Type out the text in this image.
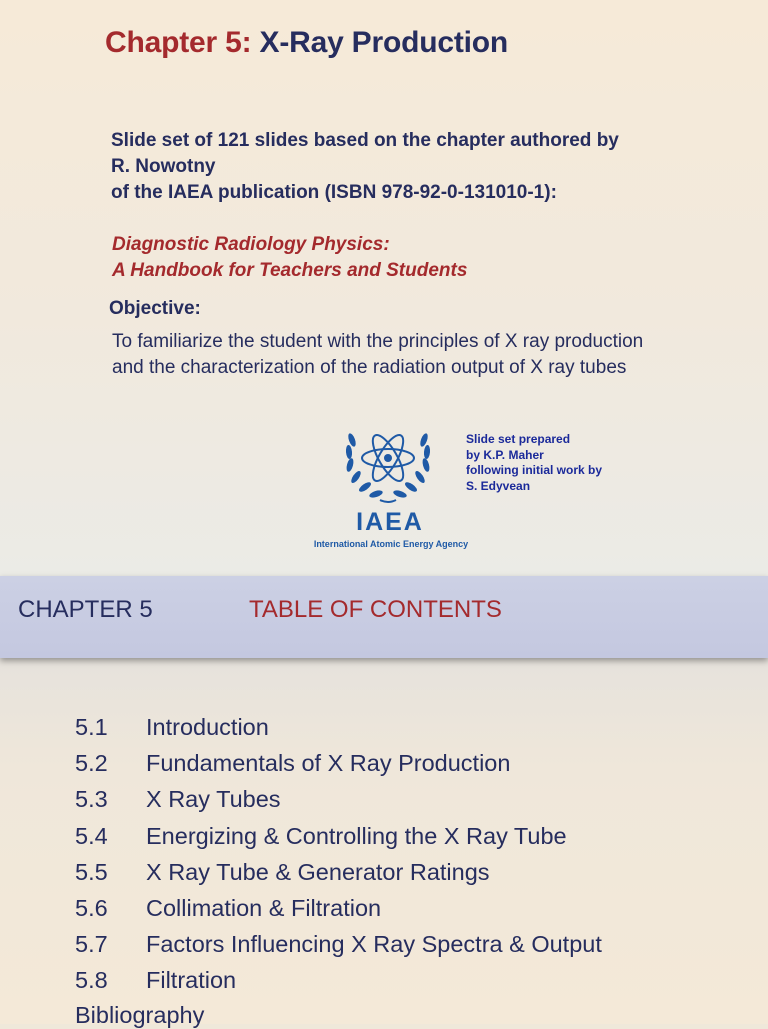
Chapter 5: X-Ray Production
Slide set of 121 slides based on the chapter authored by
R. Nowotny
of the IAEA publication (ISBN 978-92-0-131010-1):
Diagnostic Radiology Physics:
A Handbook for Teachers and Students
Objective:
To familiarize the student with the principles of X ray production
and the characterization of the radiation output of X ray tubes
IAEA
International Atomic Energy Agency
Slide set prepared
by K.P. Maher
following initial work by
S. Edyvean
CHAPTER 5	TABLE OF CONTENTS
5.1 Introduction
5.2 Fundamentals of X Ray Production
5.3 X Ray Tubes
5.4 Energizing & Controlling the X Ray Tube
5.5 X Ray Tube & Generator Ratings
5.6 Collimation & Filtration
5.7 Factors Influencing X Ray Spectra & Output
5.8 Filtration
Bibliography
